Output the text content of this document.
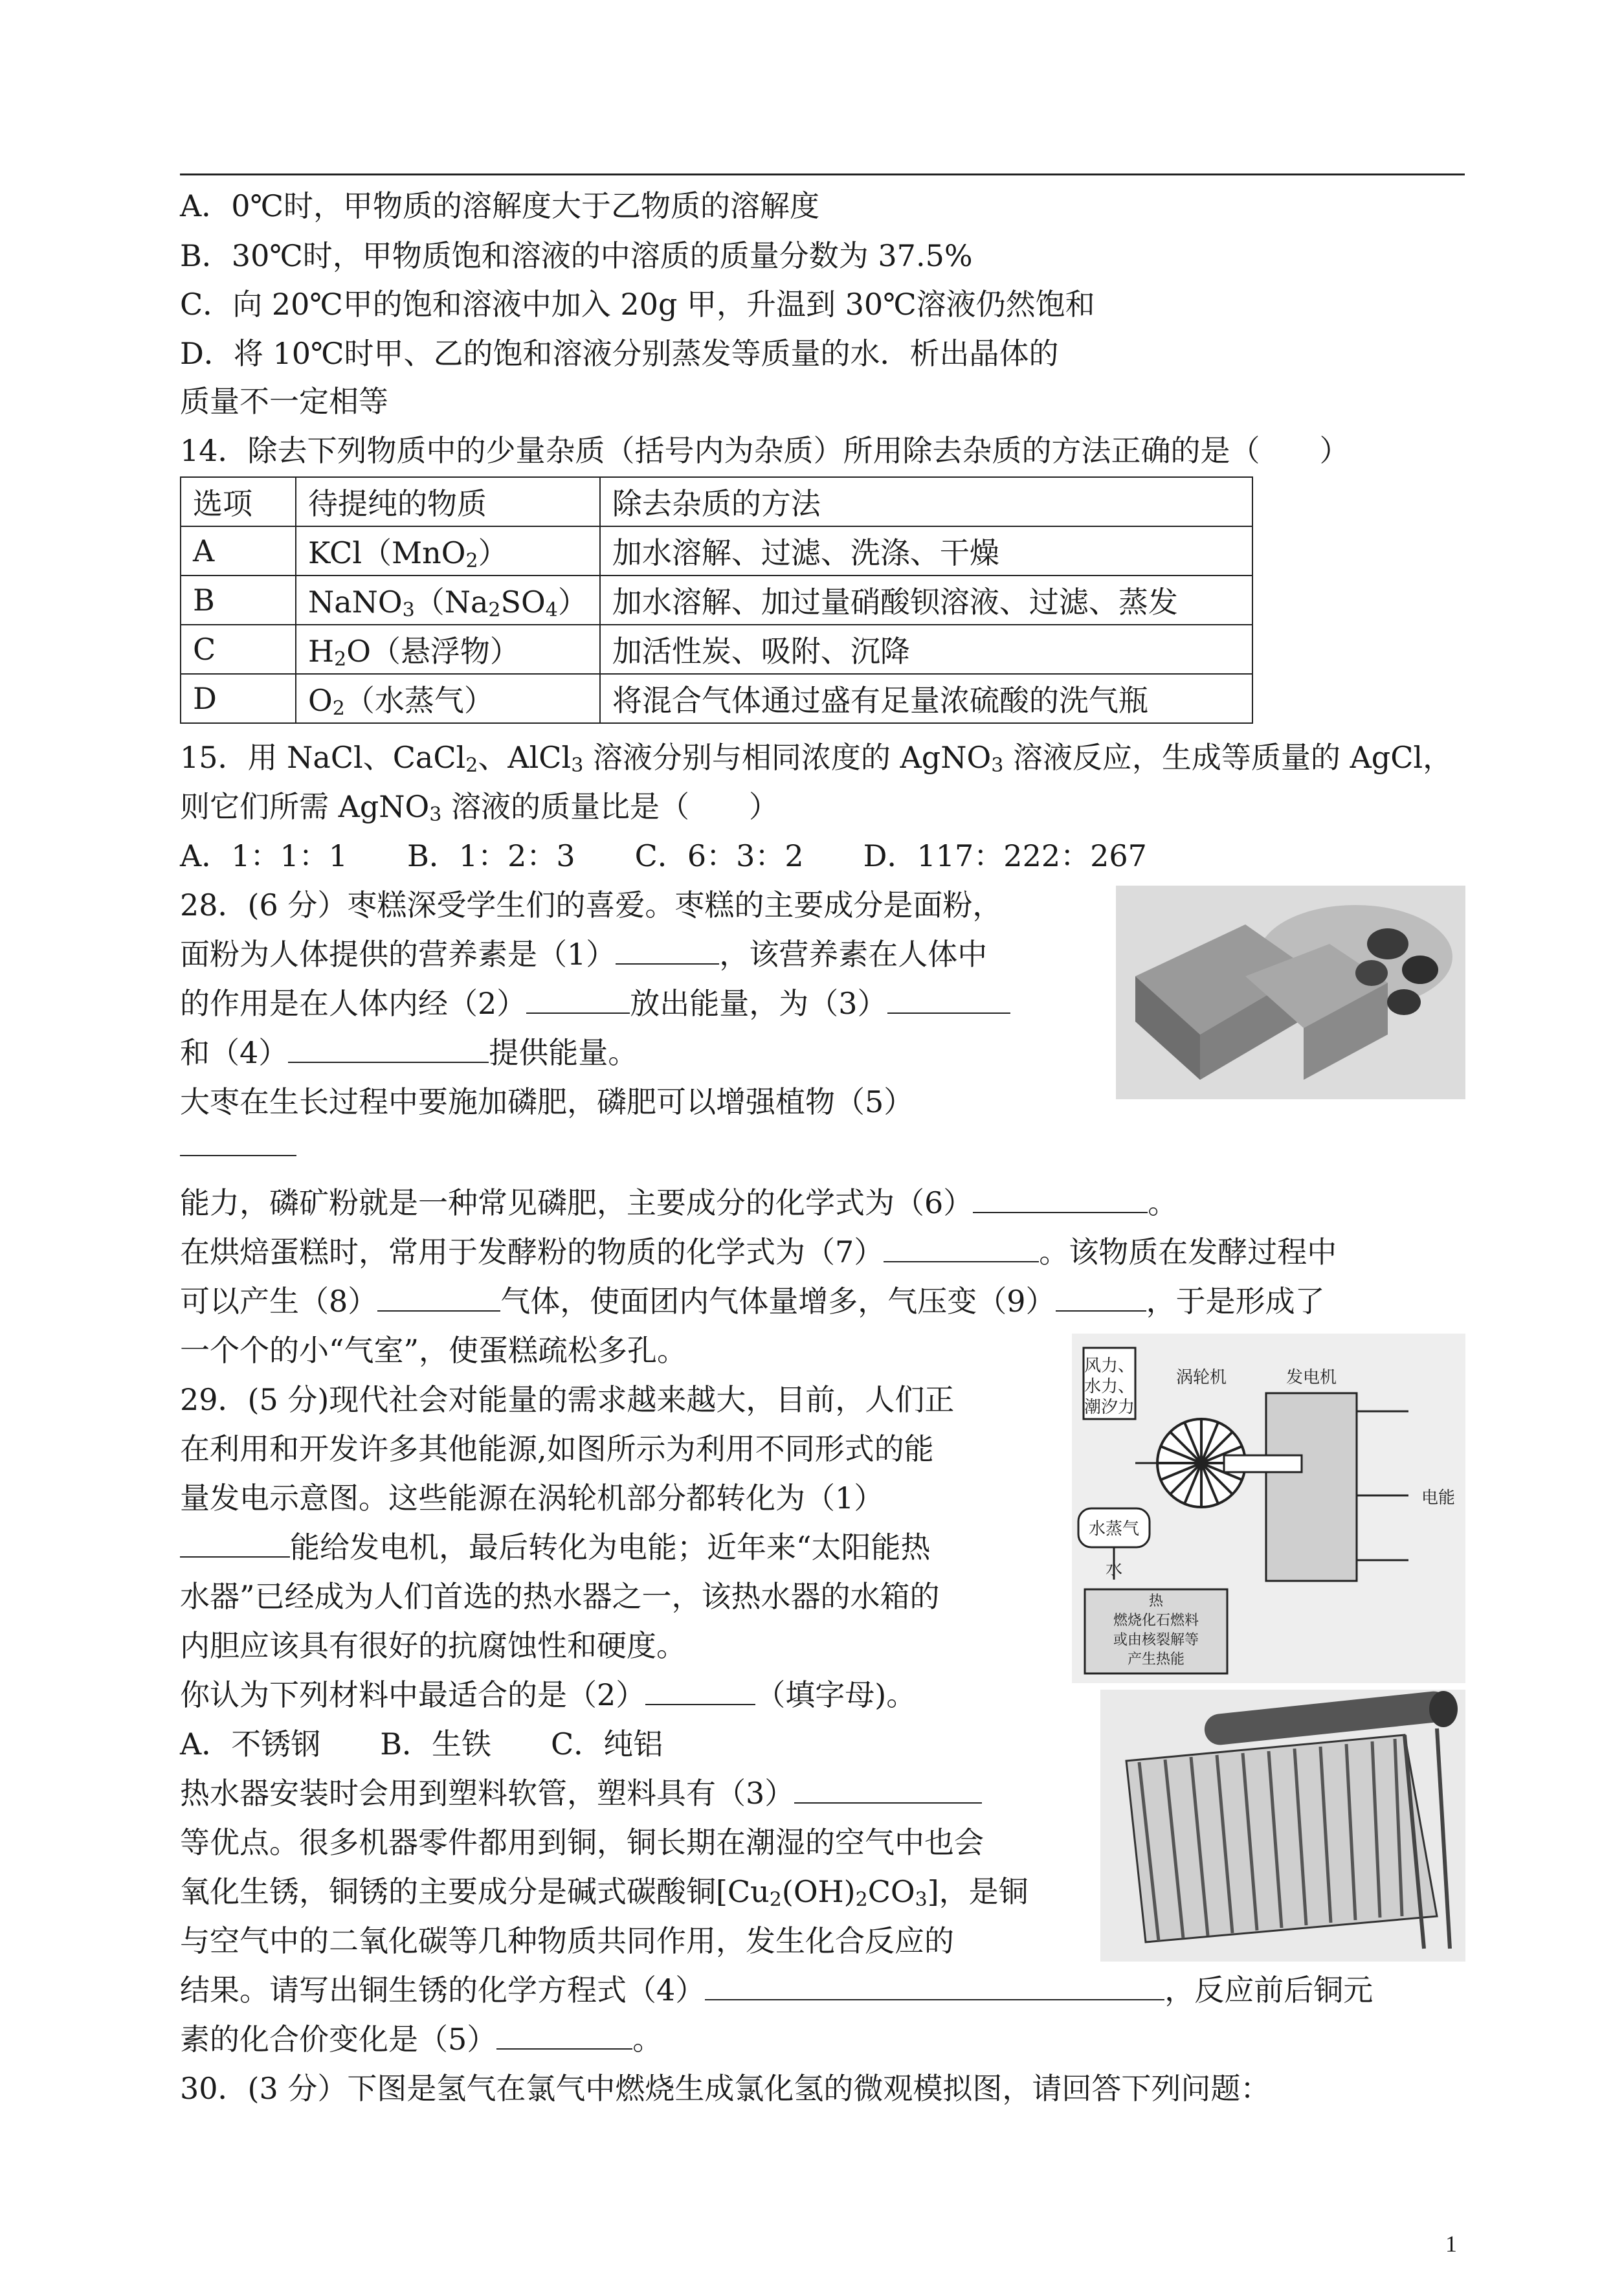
A．0℃时，甲物质的溶解度大于乙物质的溶解度
B．30℃时，甲物质饱和溶液的中溶质的质量分数为 37.5%
C．向 20℃甲的饱和溶液中加入 20g 甲，升温到 30℃溶液仍然饱和
D．将 10℃时甲、乙的饱和溶液分别蒸发等质量的水．析出晶体的
质量不一定相等
14．除去下列物质中的少量杂质（括号内为杂质）所用除去杂质的方法正确的是（　　）
选项	待提纯的物质	除去杂质的方法
A	KCl（MnO$_2$）	加水溶解、过滤、洗涤、干燥
B	$NaNO_3(Na_2SO_4)$	加水溶解、加过量硝酸钡溶液、过滤、蒸发
C	$H_2O$（悬浮物）	加活性炭、吸附、沉降
D	$O_2$（水蒸气）	将混合气体通过盛有足量浓硫酸的洗气瓶
15．用 NaCl、CaCl$_2$、AlCl$_3$ 溶液分别与相同浓度的 AgNO$_3$ 溶液反应，生成等质量的 AgCl，
则它们所需 AgNO$_3$ 溶液的质量比是（　　）
A．1：1：1　　B．1：2：3　　C．6：3：2　　D．117：222：267
28．(6 分）枣糕深受学生们的喜爱。枣糕的主要成分是面粉，
面粉为人体提供的营养素是（1）	，该营养素在人体中
的作用是在人体内经（2）	放出能量，为（3）
和（4）	提供能量。
大枣在生长过程中要施加磷肥，磷肥可以增强植物（5）
能力，磷矿粉就是一种常见磷肥，主要成分的化学式为（6）	。
在烘焙蛋糕时，常用于发酵粉的物质的化学式为（7）	。该物质在发酵过程中
可以产生（8）	气体，使面团内气体量增多，气压变（9）	，于是形成了
一个个的小“气室”，使蛋糕疏松多孔。
29．(5 分)现代社会对能量的需求越来越大，目前，人们正
在利用和开发许多其他能源,如图所示为利用不同形式的能
量发电示意图。这些能源在涡轮机部分都转化为（1）
能给发电机，最后转化为电能；近年来“太阳能热
水器”已经成为人们首选的热水器之一，该热水器的水箱的
内胆应该具有很好的抗腐蚀性和硬度。
你认为下列材料中最适合的是（2）	（填字母)。
A．不锈钢　　B．生铁　　C．纯铝
热水器安装时会用到塑料软管，塑料具有（3）
等优点。很多机器零件都用到铜，铜长期在潮湿的空气中也会
氧化生锈，铜锈的主要成分是碱式碳酸铜$[Cu_2(OH)_2CO_3]$，是铜
与空气中的二氧化碳等几种物质共同作用，发生化合反应的
结果。请写出铜生锈的化学方程式（4）	，反应前后铜元
素的化合价变化是（5）	。
风力、
水力、
潮汐力
涡轮机	发电机
电能
水蒸气
水
热
燃烧化石燃料
或由核裂解等
产生热能
30．(3 分）下图是氢气在氯气中燃烧生成氯化氢的微观模拟图，请回答下列问题：
1
